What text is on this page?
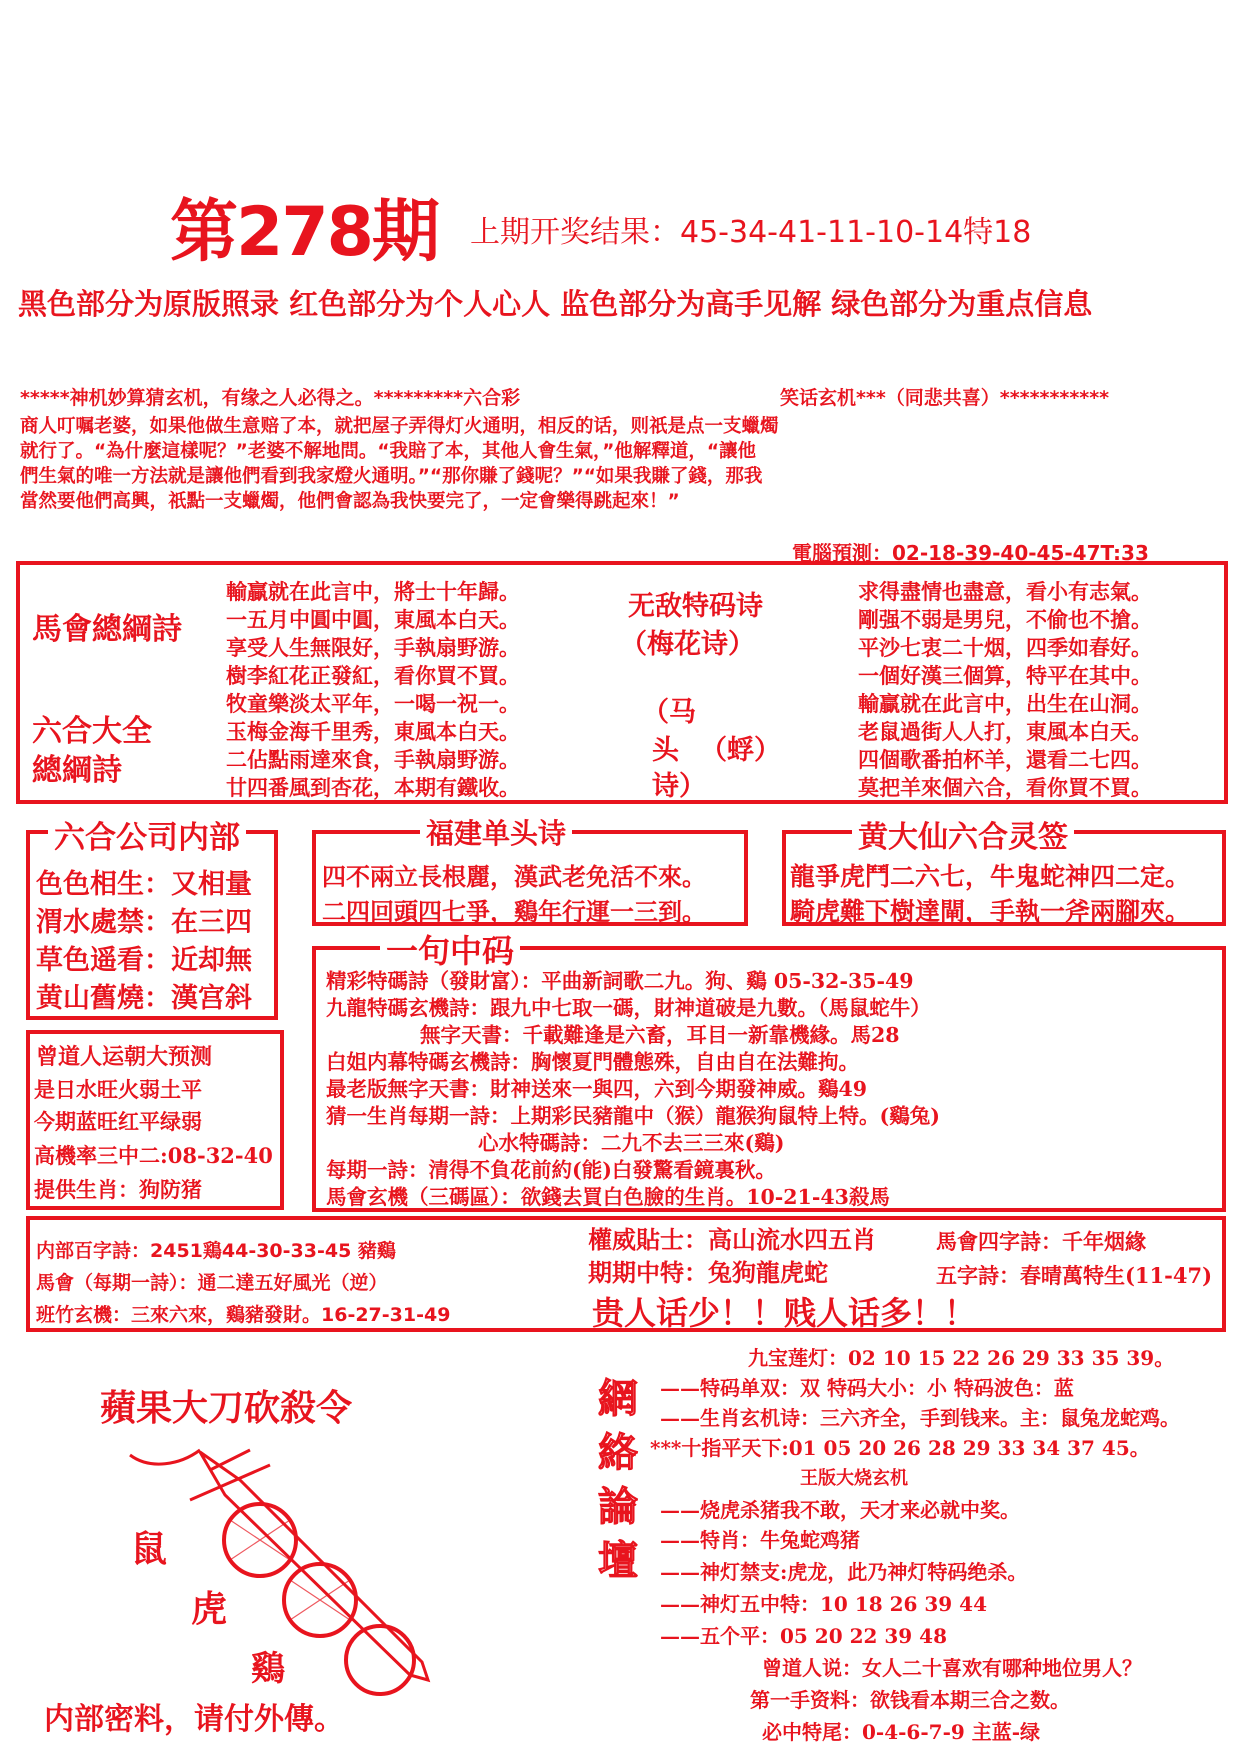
第278期 上期开奖结果：45-34-41-11-10-14特18
黑色部分为原版照录 红色部分为个人心人 监色部分为高手见解 绿色部分为重点信息
*****神机妙算猜玄机，有缘之人必得之。*********六合彩	笑话玄机***（同悲共喜）***********
商人叮嘱老婆，如果他做生意赔了本，就把屋子弄得灯火通明，相反的话，则祇是点一支蠟燭
就行了。“為什麼這樣呢？”老婆不解地問。“我賠了本，其他人會生氣，”他解釋道，“讓他
們生氣的唯一方法就是讓他們看到我家燈火通明。”“那你賺了錢呢？”“如果我賺了錢，那我
當然要他們高興，祇點一支蠟燭，他們會認為我快要完了，一定會樂得跳起來！”
電腦預測：02-18-39-40-45-47T:33
馬會總綱詩
六合大全
總綱詩
輸贏就在此言中，將士十年歸。
一五月中圓中圓，東風本白天。
享受人生無限好，手執扇野游。
樹李紅花正發紅，看你買不買。
牧童樂淡太平年，一喝一祝一。
玉梅金海千里秀，東風本白天。
二佔點雨達來食，手執扇野游。
廿四番風到杏花，本期有鐵收。
无敌特码诗
（梅花诗）
（马
头 （蜉）
诗）
求得盡情也盡意，看小有志氣。
剛强不弱是男兒，不偷也不搶。
平沙七衷二十烟，四季如春好。
一個好漢三個算，特平在其中。
輸贏就在此言中，出生在山洞。
老鼠過街人人打，東風本白天。
四個歌番拍杯羊，還看二七四。
莫把羊來個六合，看你買不買。
六合公司内部
色色相生：又相量
渭水處禁：在三四
草色遥看：近却無
黄山舊燒：漢宫斜
福建单头诗
四不兩立長根麗，漢武老免活不來。
二四回頭四七爭，鷄年行運一三到。
黄大仙六合灵签
龍爭虎鬥二六七，牛鬼蛇神四二定。
騎虎難下樹達閘，手執一斧兩腳夾。
曾道人运朝大预测
是日水旺火弱土平
今期蓝旺红平绿弱
高機率三中二:08-32-40
提供生肖：狗防猪
一句中码
精彩特碼詩（發財富）：平曲新詞歌二九。狗、鷄 05-32-35-49
九龍特碼玄機詩：跟九中七取一碼，財神道破是九數。（馬鼠蛇牛）
無字天書：千載難逢是六畜，耳目一新靠機緣。馬28
白姐内幕特碼玄機詩：胸懷夏門體態殊，自由自在法難拘。
最老版無字天書：財神送來一與四，六到今期發神威。鷄49
猜一生肖每期一詩：上期彩民豬龍中（猴）龍猴狗鼠特上特。(鷄兔)
心水特碼詩：二九不去三三來(鷄)
每期一詩：清得不負花前約(能)白發驚看鏡裏秋。
馬會玄機（三碼區）：欲錢去買白色臉的生肖。10-21-43殺馬
内部百字詩：2451鶏44-30-33-45 豬鷄
馬會（每期一詩）：通二達五好風光（逆）
班竹玄機：三來六來，鷄豬發財。16-27-31-49
權威貼士：高山流水四五肖
期期中特：兔狗龍虎蛇
贵人话少！！贱人话多！！
馬會四字詩：千年烟緣
五字詩：春晴萬特生(11-47)
蘋果大刀砍殺令
鼠
虎
鷄
内部密料，请付外傳。
網
絡
論
壇
九宝莲灯：02 10 15 22 26 29 33 35 39。
——特码单双：双 特码大小：小 特码波色：蓝
——生肖玄机诗：三六齐全，手到钱来。主：鼠兔龙蛇鸡。
***十指平天下:01 05 20 26 28 29 33 34 37 45。
王版大烧玄机
——烧虎杀猪我不敢，天才来必就中奖。
——特肖：牛兔蛇鸡猪
——神灯禁支:虎龙，此乃神灯特码绝杀。
——神灯五中特：10 18 26 39 44
——五个平：05 20 22 39 48
曾道人说：女人二十喜欢有哪种地位男人？
第一手资料：欲钱看本期三合之数。
必中特尾：0-4-6-7-9 主蓝-绿
